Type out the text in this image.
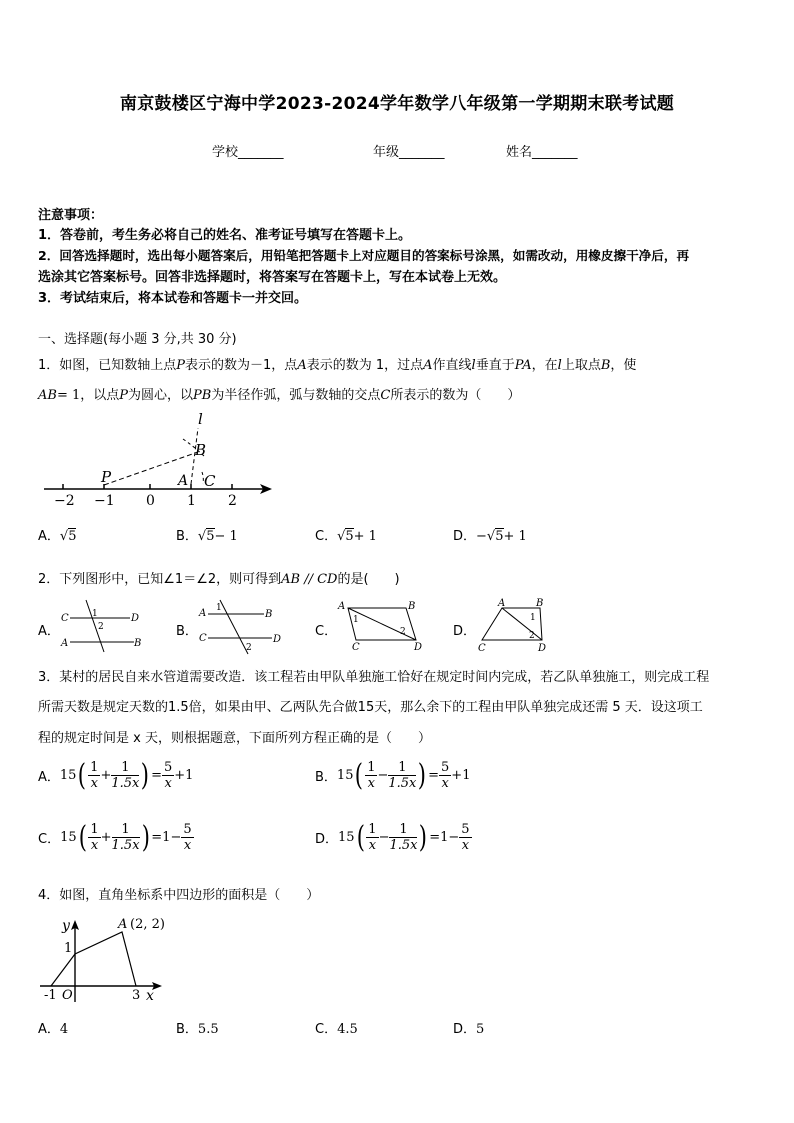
南京鼓楼区宁海中学2023-2024学年数学八年级第一学期期末联考试题
学校_______	年级_______	姓名_______
注意事项：
1．答卷前，考生务必将自己的姓名、准考证号填写在答题卡上。
2．回答选择题时，选出每小题答案后，用铅笔把答题卡上对应题目的答案标号涂黑，如需改动，用橡皮擦干净后，再
选涂其它答案标号。回答非选择题时，将答案写在答题卡上，写在本试卷上无效。
3．考试结束后，将本试卷和答题卡一并交回。
一、选择题(每小题 3 分,共 30 分)
1．如图，已知数轴上点P表示的数为－1，点A表示的数为 1，过点A作直线l垂直于PA，在l上取点B，使
AB= 1，以点P为圆心，以PB为半径作弧，弧与数轴的交点C所表示的数为（　　）
l
B
P	A C
−2 −1 0 1 2
A．√5	B．√5− 1	C．√5+ 1	D．−√5+ 1
2．下列图形中，已知∠1＝∠2，则可得到AB // CD的是(　　)
A．
C	D
A	B
1
2	B．
A	B
C	D
1
2
C．
A	B
C	D
1
2	D．
A	B
C	D
1
2
3．某村的居民自来水管道需要改造．该工程若由甲队单独施工恰好在规定时间内完成，若乙队单独施工，则完成工程
所需天数是规定天数的1.5倍，如果由甲、乙两队先合做15天，那么余下的工程由甲队单独完成还需 5 天．设这项工
程的规定时间是 x 天，则根据题意，下面所列方程正确的是（　　）
A． 15 ( $\frac{1}{x} + \frac{1}{1.5x}$ ) = $\frac{5}{x} +1$	B． 15 ( $\frac{1}{x} - \frac{1}{1.5x}$ ) = $\frac{5}{x} +1$
C． 15 ( $\frac{1}{x} + \frac{1}{1.5x}$ ) = $1- \frac{5}{x}$	D． 15 ( $\frac{1}{x} - \frac{1}{1.5x}$ ) = $1- \frac{5}{x}$
4．如图，直角坐标系中四边形的面积是（　　）
y
x
A (2, 2)
1
-1 O	3
A．4	B．5.5	C．4.5	D．5
